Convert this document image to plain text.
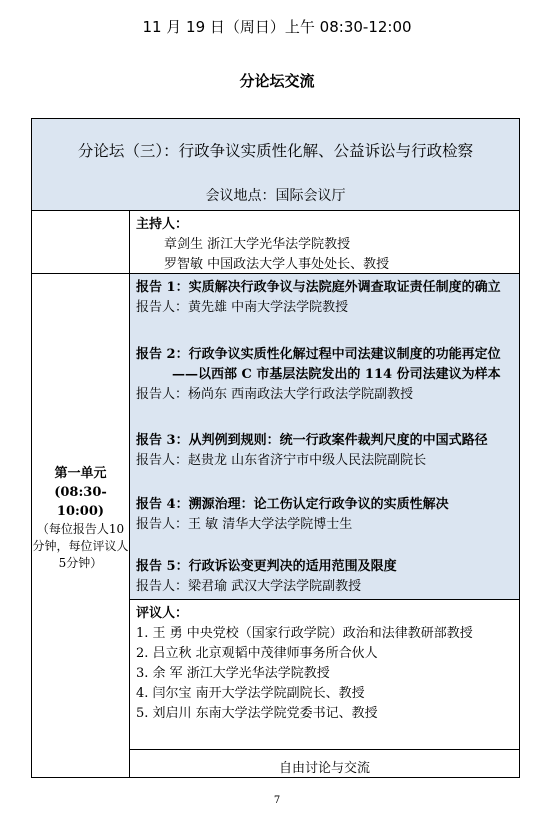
11 月 19 日（周日）上午 08:30-12:00
分论坛交流
分论坛（三）：行政争议实质性化解、公益诉讼与行政检察
会议地点：国际会议厅
主持人：
章剑生 浙江大学光华法学院教授
罗智敏 中国政法大学人事处处长、教授
第一单元
(08:30-10:00)
（每位报告人10分钟，每位评议人5分钟）
报告 1：实质解决行政争议与法院庭外调查取证责任制度的确立
报告人：黄先雄 中南大学法学院教授
报告 2：行政争议实质性化解过程中司法建议制度的功能再定位
——以西部 C 市基层法院发出的 114 份司法建议为样本
报告人：杨尚东 西南政法大学行政法学院副教授
报告 3：从判例到规则：统一行政案件裁判尺度的中国式路径
报告人：赵贵龙 山东省济宁市中级人民法院副院长
报告 4：溯源治理：论工伤认定行政争议的实质性解决
报告人：王 敏 清华大学法学院博士生
报告 5：行政诉讼变更判决的适用范围及限度
报告人：梁君瑜 武汉大学法学院副教授
评议人：
1. 王 勇 中央党校（国家行政学院）政治和法律教研部教授
2. 吕立秋 北京观韬中茂律师事务所合伙人
3. 余 军 浙江大学光华法学院教授
4. 闫尔宝 南开大学法学院副院长、教授
5. 刘启川 东南大学法学院党委书记、教授
自由讨论与交流
7
